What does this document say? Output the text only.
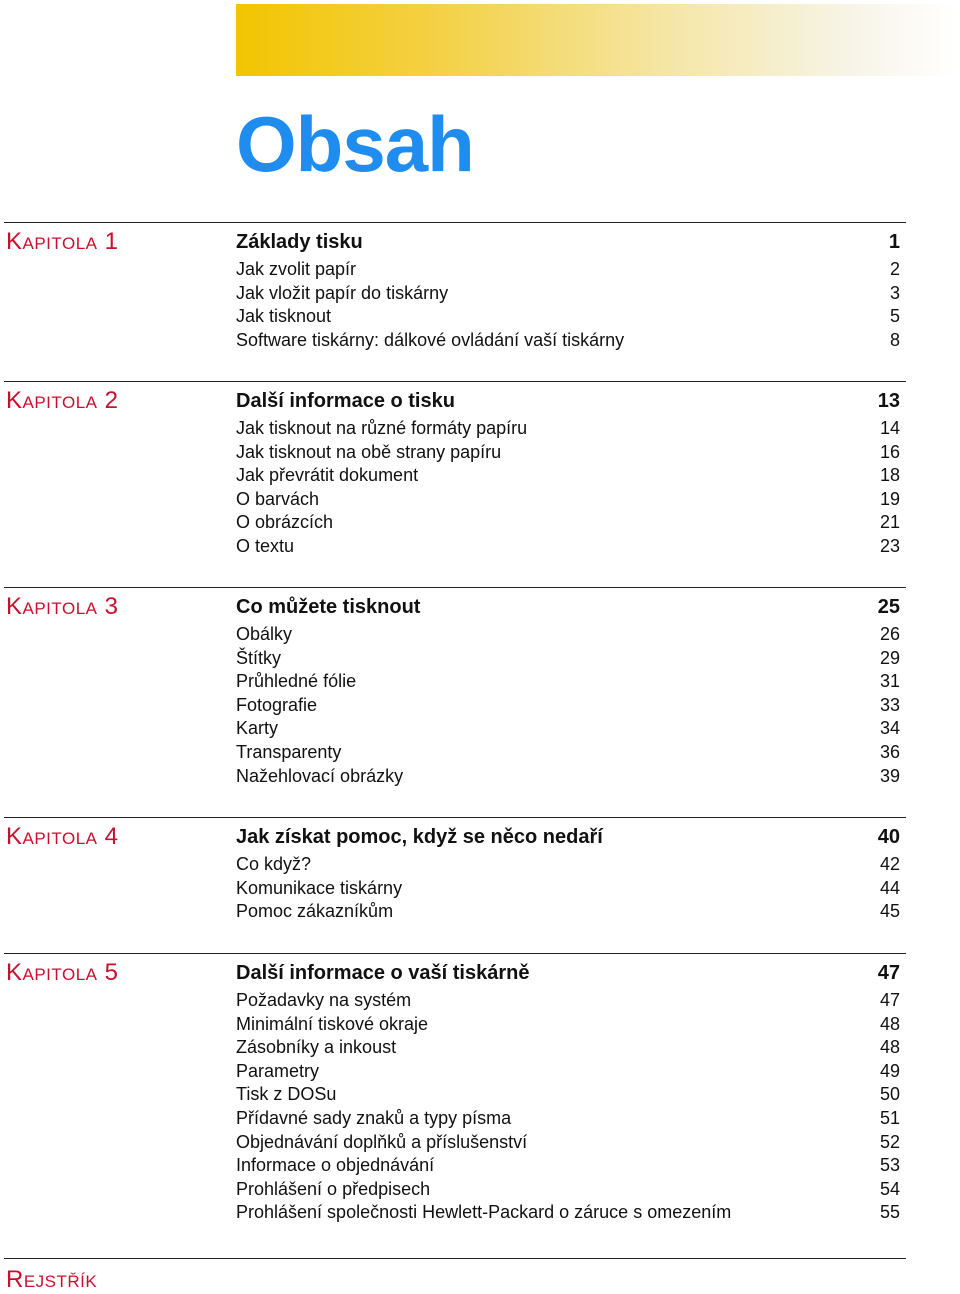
Obsah
Kapitola 1	Základy tisku	1
Jak zvolit papír	2
Jak vložit papír do tiskárny	3
Jak tisknout	5
Software tiskárny: dálkové ovládání vaší tiskárny	8
Kapitola 2	Další informace o tisku	13
Jak tisknout na různé formáty papíru	14
Jak tisknout na obě strany papíru	16
Jak převrátit dokument	18
O barvách	19
O obrázcích	21
O textu	23
Kapitola 3	Co můžete tisknout	25
Obálky	26
Štítky	29
Průhledné fólie	31
Fotografie	33
Karty	34
Transparenty	36
Nažehlovací obrázky	39
Kapitola 4	Jak získat pomoc, když se něco nedaří	40
Co když?	42
Komunikace tiskárny	44
Pomoc zákazníkům	45
Kapitola 5	Další informace o vaší tiskárně	47
Požadavky na systém	47
Minimální tiskové okraje	48
Zásobníky a inkoust	48
Parametry	49
Tisk z DOSu	50
Přídavné sady znaků a typy písma	51
Objednávání doplňků a příslušenství	52
Informace o objednávání	53
Prohlášení o předpisech	54
Prohlášení společnosti Hewlett-Packard o záruce s omezením	55
Rejstřík
